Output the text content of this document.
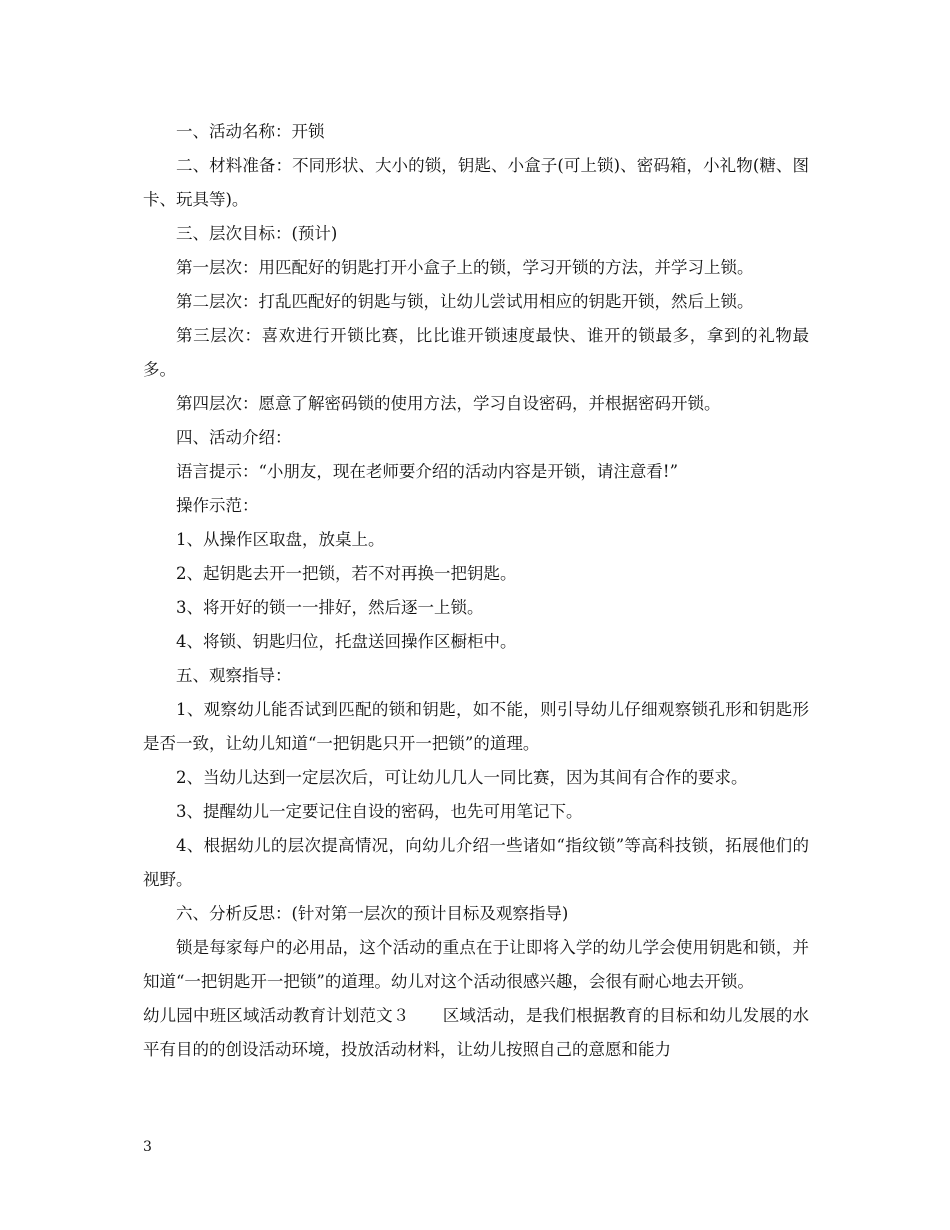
一、活动名称：开锁

二、材料准备：不同形状、大小的锁，钥匙、小盒子(可上锁)、密码箱，小礼物(糖、图卡、玩具等)。

三、层次目标：(预计)

第一层次：用匹配好的钥匙打开小盒子上的锁，学习开锁的方法，并学习上锁。

第二层次：打乱匹配好的钥匙与锁，让幼儿尝试用相应的钥匙开锁，然后上锁。

第三层次：喜欢进行开锁比赛，比比谁开锁速度最快、谁开的锁最多，拿到的礼物最多。

第四层次：愿意了解密码锁的使用方法，学习自设密码，并根据密码开锁。

四、活动介绍：

语言提示：“小朋友，现在老师要介绍的活动内容是开锁，请注意看!”

操作示范：

1、从操作区取盘，放桌上。

2、起钥匙去开一把锁，若不对再换一把钥匙。

3、将开好的锁一一排好，然后逐一上锁。

4、将锁、钥匙归位，托盘送回操作区橱柜中。

五、观察指导：

1、观察幼儿能否试到匹配的锁和钥匙，如不能，则引导幼儿仔细观察锁孔形和钥匙形是否一致，让幼儿知道“一把钥匙只开一把锁”的道理。

2、当幼儿达到一定层次后，可让幼儿几人一同比赛，因为其间有合作的要求。

3、提醒幼儿一定要记住自设的密码，也先可用笔记下。

4、根据幼儿的层次提高情况，向幼儿介绍一些诸如“指纹锁”等高科技锁，拓展他们的视野。

六、分析反思：(针对第一层次的预计目标及观察指导)

锁是每家每户的必用品，这个活动的重点在于让即将入学的幼儿学会使用钥匙和锁，并知道“一把钥匙开一把锁”的道理。幼儿对这个活动很感兴趣，会很有耐心地去开锁。

幼儿园中班区域活动教育计划范文３　　区域活动，是我们根据教育的目标和幼儿发展的水平有目的的创设活动环境，投放活动材料，让幼儿按照自己的意愿和能力

3
